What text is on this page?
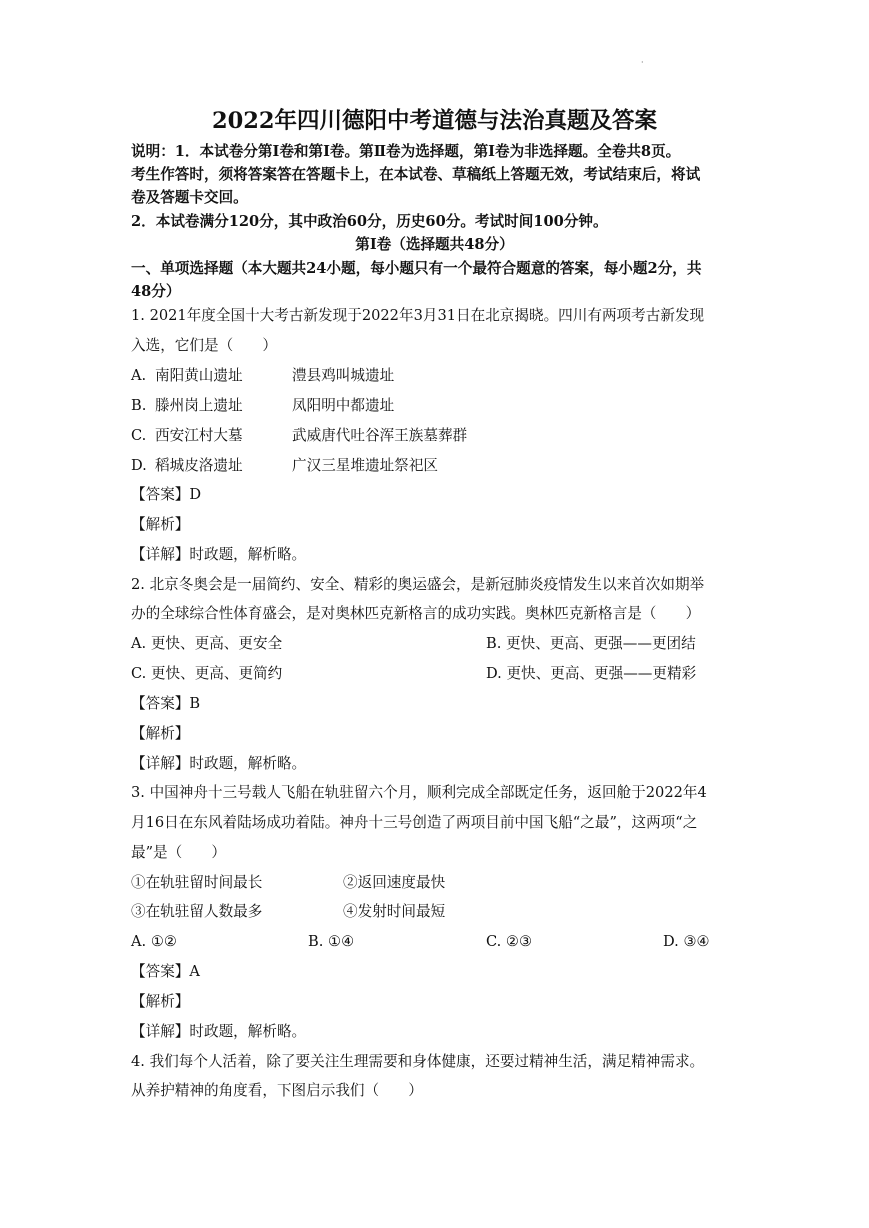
·
2022年四川德阳中考道德与法治真题及答案
说明：1．本试卷分第Ⅰ卷和第Ⅰ卷。第Ⅱ卷为选择题，第Ⅰ卷为非选择题。全卷共8页。
考生作答时，须将答案答在答题卡上，在本试卷、草稿纸上答题无效，考试结束后，将试
卷及答题卡交回。
2．本试卷满分120分，其中政治60分，历史60分。考试时间100分钟。
第Ⅰ卷（选择题共48分）
一、单项选择题（本大题共24小题，每小题只有一个最符合题意的答案，每小题2分，共
48分）
1. 2021年度全国十大考古新发现于2022年3月31日在北京揭晓。四川有两项考古新发现
入选，它们是（　　）
A. 南阳黄山遗址	澧县鸡叫城遗址
B. 滕州岗上遗址	凤阳明中都遗址
C. 西安江村大墓	武威唐代吐谷浑王族墓葬群
D. 稻城皮洛遗址	广汉三星堆遗址祭祀区
【答案】D
【解析】
【详解】时政题，解析略。
2. 北京冬奥会是一届简约、安全、精彩的奥运盛会，是新冠肺炎疫情发生以来首次如期举
办的全球综合性体育盛会，是对奥林匹克新格言的成功实践。奥林匹克新格言是（　　）
A. 更快、更高、更安全	B. 更快、更高、更强——更团结
C. 更快、更高、更简约	D. 更快、更高、更强——更精彩
【答案】B
【解析】
【详解】时政题，解析略。
3. 中国神舟十三号载人飞船在轨驻留六个月，顺利完成全部既定任务，返回舱于2022年4
月16日在东风着陆场成功着陆。神舟十三号创造了两项目前中国飞船“之最”，这两项“之
最”是（　　）
①在轨驻留时间最长	②返回速度最快
③在轨驻留人数最多	④发射时间最短
A. ①②	B. ①④	C. ②③	D. ③④
【答案】A
【解析】
【详解】时政题，解析略。
4. 我们每个人活着，除了要关注生理需要和身体健康，还要过精神生活，满足精神需求。
从养护精神的角度看，下图启示我们（　　）
